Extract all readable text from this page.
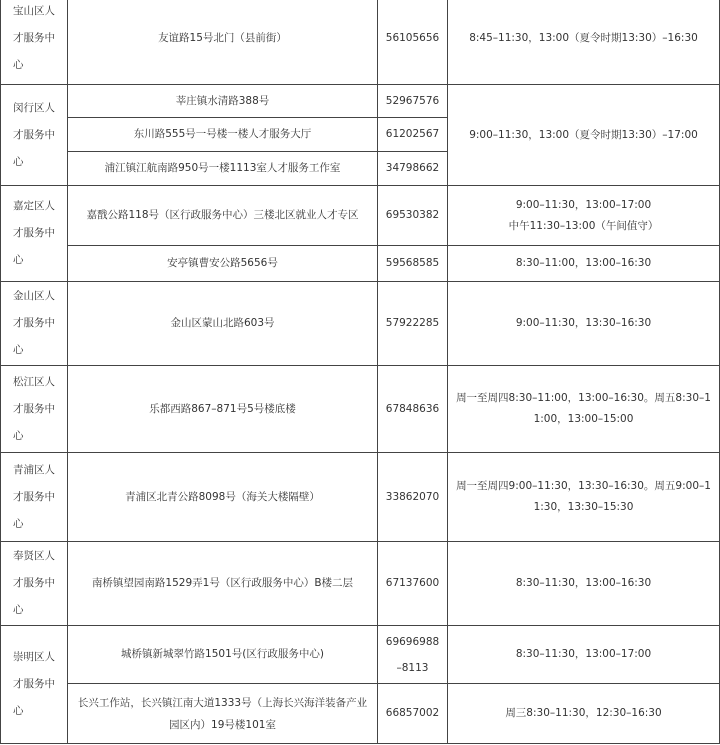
宝山区人才服务中心	友谊路15号北门（县前街）	56105656	8:45–11:30，13:00（夏令时期13:30）–16:30
闵行区人才服务中心	莘庄镇水清路388号	52967576	9:00–11:30，13:00（夏令时期13:30）–17:00
	东川路555号一号楼一楼人才服务大厅	61202567	
	浦江镇江航南路950号一楼1113室人才服务工作室	34798662	
嘉定区人才服务中心	嘉戬公路118号（区行政服务中心）三楼北区就业人才专区	69530382	9:00–11:30，13:00–17:00
中午11:30–13:00（午间值守）
	安亭镇曹安公路5656号	59568585	8:30–11:00，13:00–16:30
金山区人才服务中心	金山区蒙山北路603号	57922285	9:00–11:30，13:30–16:30
松江区人才服务中心	乐都西路867–871号5号楼底楼	67848636	周一至周四8:30–11:00，13:00–16:30。周五8:30–11:00，13:00–15:00
青浦区人才服务中心	青浦区北青公路8098号（海关大楼隔壁）	33862070	周一至周四9:00–11:30，13:30–16:30。周五9:00–11:30，13:30–15:30
奉贤区人才服务中心	南桥镇望园南路1529弄1号（区行政服务中心）B楼二层	67137600	8:30–11:30，13:00–16:30
崇明区人才服务中心	城桥镇新城翠竹路1501号(区行政服务中心)	69696988–8113	8:30–11:30，13:00–17:00
	长兴工作站，长兴镇江南大道1333号（上海长兴海洋装备产业园区内）19号楼101室	66857002	周三8:30–11:30，12:30–16:30
